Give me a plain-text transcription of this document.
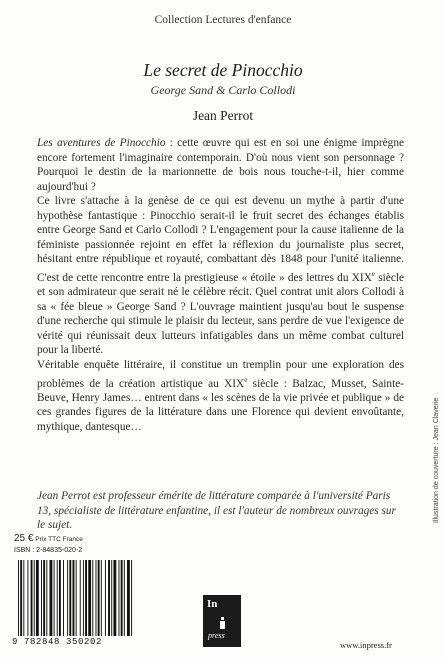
Collection Lectures d'enfance
Le secret de Pinocchio
George Sand & Carlo Collodi
Jean Perrot

Les aventures de Pinocchio : cette œuvre qui est en soi une énigme imprègne encore fortement l'imaginaire contemporain. D'où nous vient son personnage ? Pourquoi le destin de la marionnette de bois nous touche-t-il, hier comme aujourd'hui ?

Ce livre s'attache à la genèse de ce qui est devenu un mythe à partir d'une hypothèse fantastique : Pinocchio serait-il le fruit secret des échanges établis entre George Sand et Carlo Collodi ? L'engagement pour la cause italienne de la féministe passionnée rejoint en effet la réflexion du journaliste plus secret, hésitant entre république et royauté, combattant dès 1848 pour l'unité italienne. C'est de cette rencontre entre la prestigieuse « étoile » des lettres du XIXe siècle et son admirateur que serait né le célèbre récit. Quel contrat unit alors Collodi à sa « fée bleue » George Sand ? L'ouvrage maintient jusqu'au bout le suspense d'une recherche qui stimule le plaisir du lecteur, sans perdre de vue l'exigence de vérité qui réunissait deux lutteurs infatigables dans un même combat culturel pour la liberté.

Véritable enquête littéraire, il constitue un tremplin pour une exploration des problèmes de la création artistique au XIXe siècle : Balzac, Musset, Sainte-Beuve, Henry James… entrent dans « les scènes de la vie privée et publique » de ces grandes figures de la littérature dans une Florence qui devient envoûtante, mythique, dantesque…

Jean Perrot est professeur émérite de littérature comparée à l'université Paris 13, spécialiste de littérature enfantine, il est l'auteur de nombreux ouvrages sur le sujet.
Illustration de couverture : Jean Claverie
25 € Prix TTC France
ISBN : 2-84835-020-2
9 782848 350202
In
press
www.inpress.fr
